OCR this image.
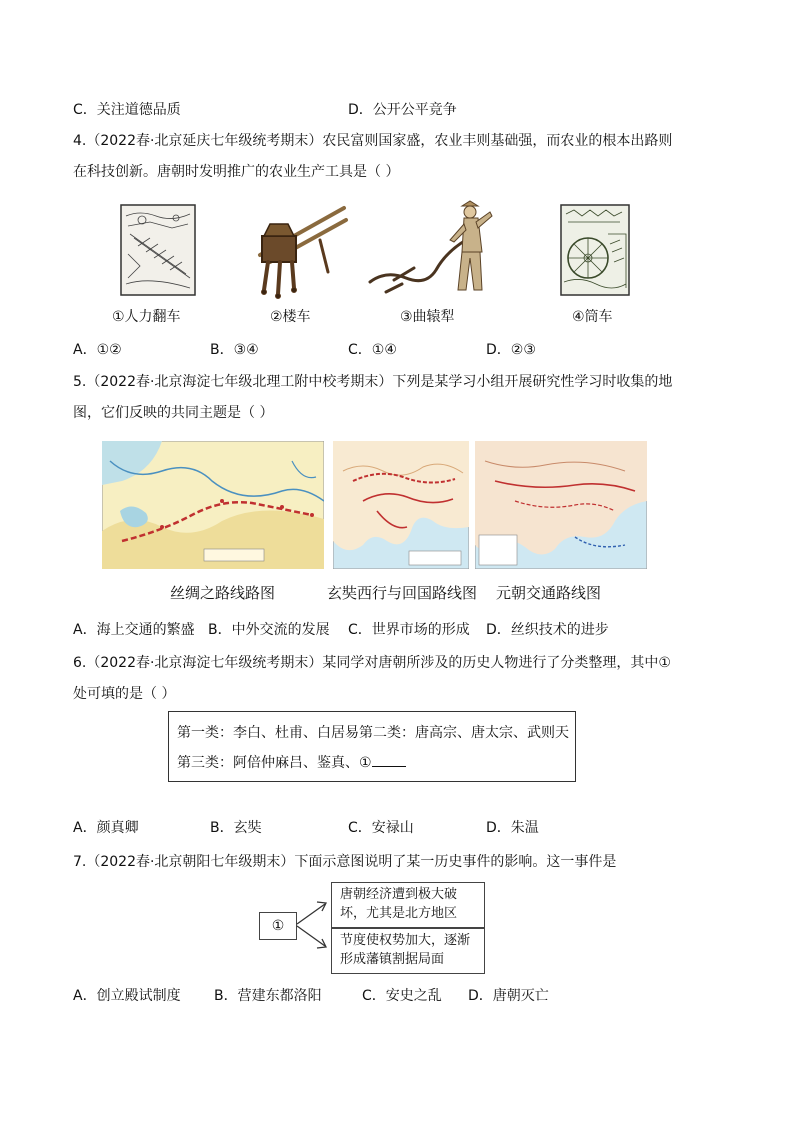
C．关注道德品质	D．公开公平竞争
4.（2022春·北京延庆七年级统考期末）农民富则国家盛，农业丰则基础强，而农业的根本出路则
在科技创新。唐朝时发明推广的农业生产工具是（ ）
①人力翻车	②楼车	③曲辕犁	④筒车
A．①②	B．③④	C．①④	D．②③
5.（2022春·北京海淀七年级北理工附中校考期末）下列是某学习小组开展研究性学习时收集的地
图，它们反映的共同主题是（ ）
丝绸之路线路图	玄奘西行与回国路线图 元朝交通路线图
A．海上交通的繁盛 B．中外交流的发展 C．世界市场的形成 D．丝织技术的进步
6.（2022春·北京海淀七年级统考期末）某同学对唐朝所涉及的历史人物进行了分类整理，其中①
处可填的是（ ）
第一类：李白、杜甫、白居易第二类：唐高宗、唐太宗、武则天
第三类：阿倍仲麻吕、鉴真、①
A．颜真卿	B．玄奘	C．安禄山	D．朱温
7.（2022春·北京朝阳七年级期末）下面示意图说明了某一历史事件的影响。这一事件是
①
唐朝经济遭到极大破坏，尤其是北方地区
节度使权势加大，逐渐形成藩镇割据局面
A．创立殿试制度 B．营建东都洛阳	C．安史之乱 D．唐朝灭亡
